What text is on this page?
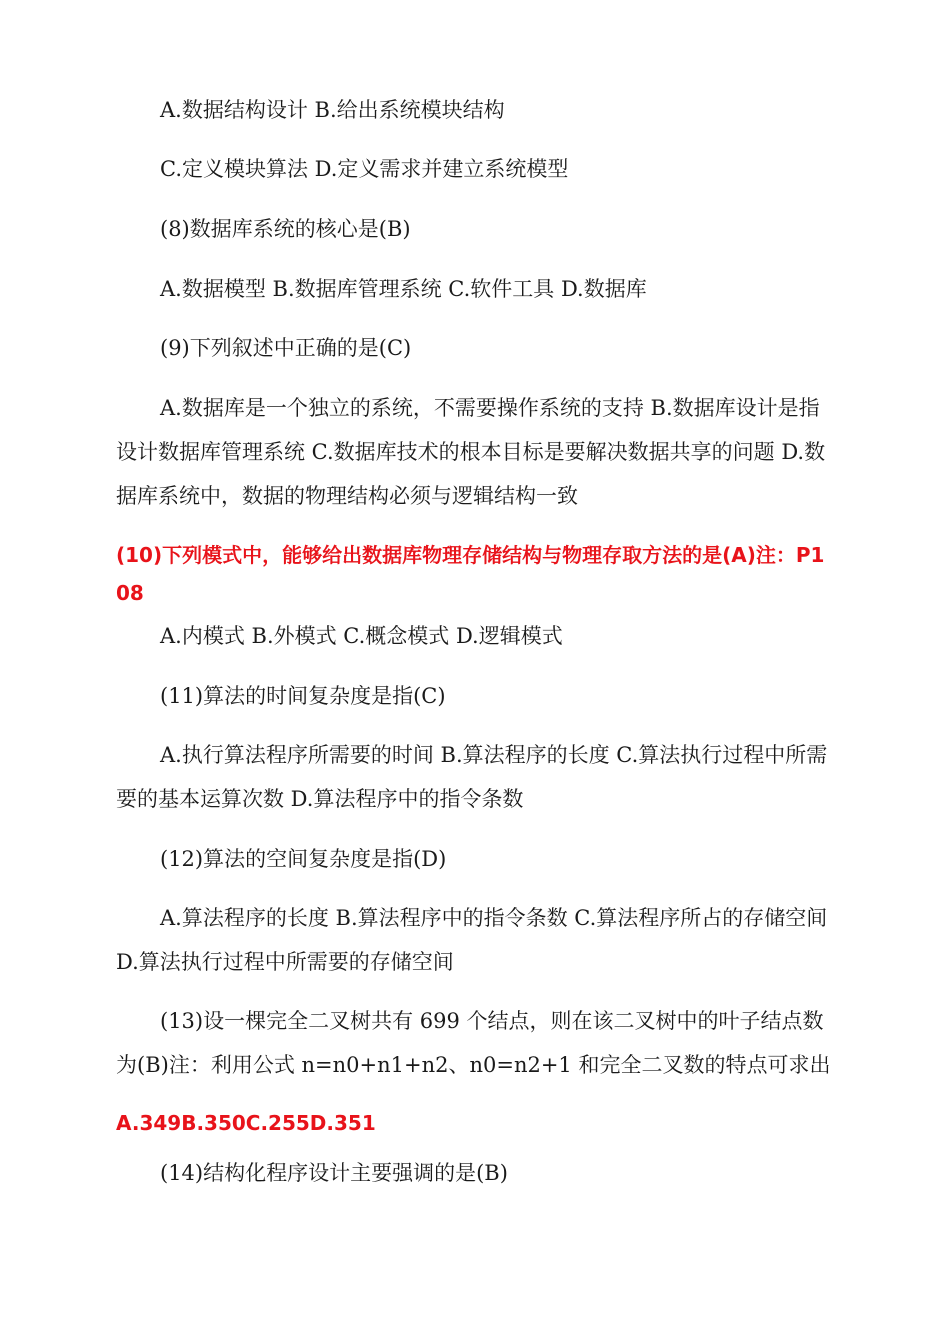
A.数据结构设计 B.给出系统模块结构

C.定义模块算法 D.定义需求并建立系统模型

(8)数据库系统的核心是(B)

A.数据模型 B.数据库管理系统 C.软件工具 D.数据库

(9)下列叙述中正确的是(C)

A.数据库是一个独立的系统，不需要操作系统的支持 B.数据库设计是指设计数据库管理系统 C.数据库技术的根本目标是要解决数据共享的问题 D.数据库系统中，数据的物理结构必须与逻辑结构一致

(10)下列模式中，能够给出数据库物理存储结构与物理存取方法的是(A)注：P108

A.内模式 B.外模式 C.概念模式 D.逻辑模式

(11)算法的时间复杂度是指(C)

A.执行算法程序所需要的时间 B.算法程序的长度 C.算法执行过程中所需要的基本运算次数 D.算法程序中的指令条数

(12)算法的空间复杂度是指(D)

A.算法程序的长度 B.算法程序中的指令条数 C.算法程序所占的存储空间 D.算法执行过程中所需要的存储空间

(13)设一棵完全二叉树共有 699 个结点，则在该二叉树中的叶子结点数为(B)注：利用公式 n=n0+n1+n2、n0=n2+1 和完全二叉数的特点可求出

A.349B.350C.255D.351

(14)结构化程序设计主要强调的是(B)
